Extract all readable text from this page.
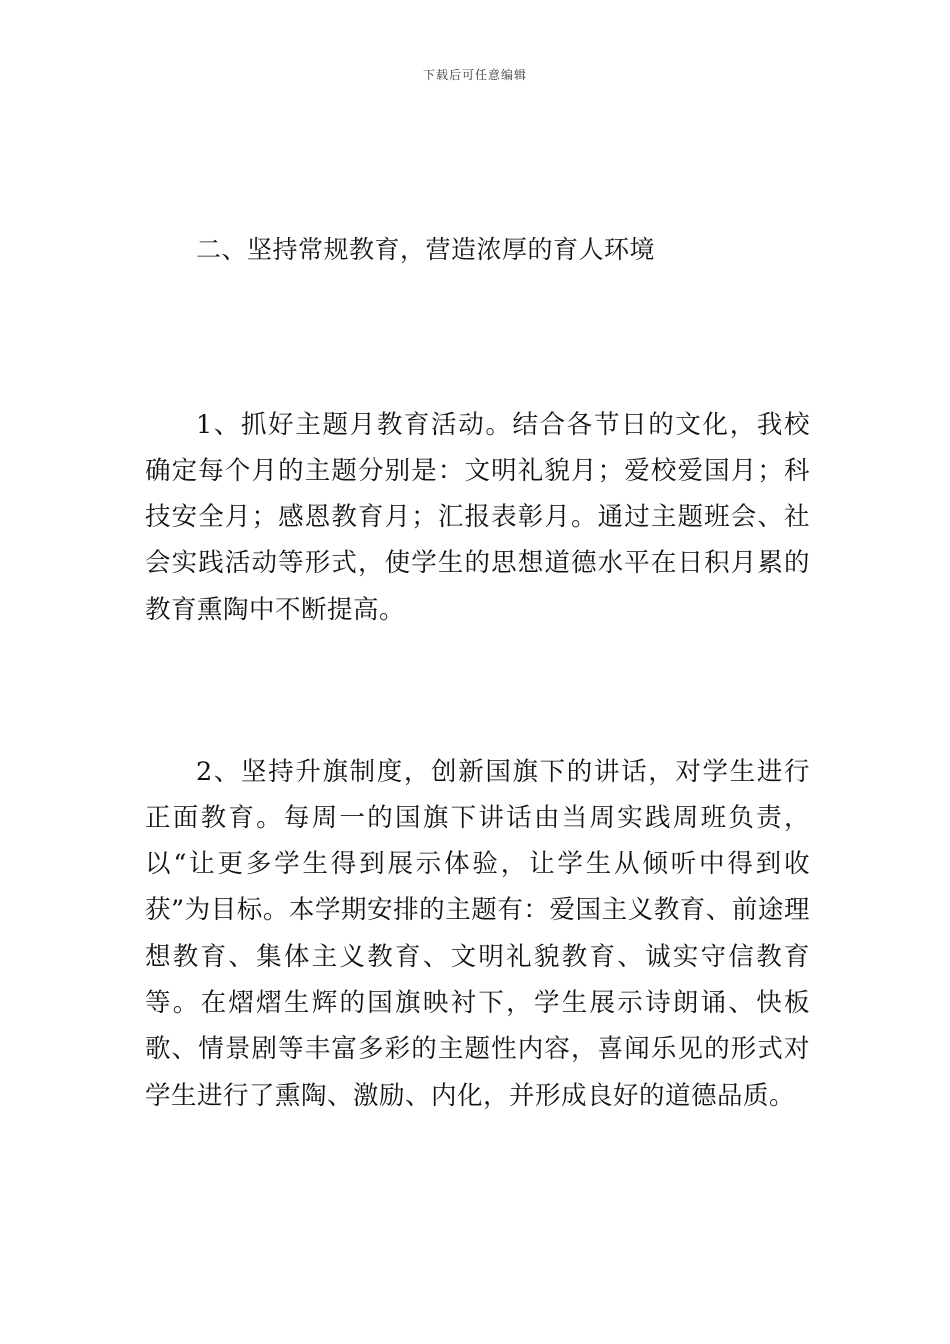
下载后可任意编辑
二、坚持常规教育，营造浓厚的育人环境

1、抓好主题月教育活动。结合各节日的文化，我校确定每个月的主题分别是：文明礼貌月；爱校爱国月；科技安全月；感恩教育月；汇报表彰月。通过主题班会、社会实践活动等形式，使学生的思想道德水平在日积月累的教育熏陶中不断提高。

2、坚持升旗制度，创新国旗下的讲话，对学生进行正面教育。每周一的国旗下讲话由当周实践周班负责，以“让更多学生得到展示体验，让学生从倾听中得到收获”为目标。本学期安排的主题有：爱国主义教育、前途理想教育、集体主义教育、文明礼貌教育、诚实守信教育等。在熠熠生辉的国旗映衬下，学生展示诗朗诵、快板歌、情景剧等丰富多彩的主题性内容，喜闻乐见的形式对学生进行了熏陶、激励、内化，并形成良好的道德品质。
